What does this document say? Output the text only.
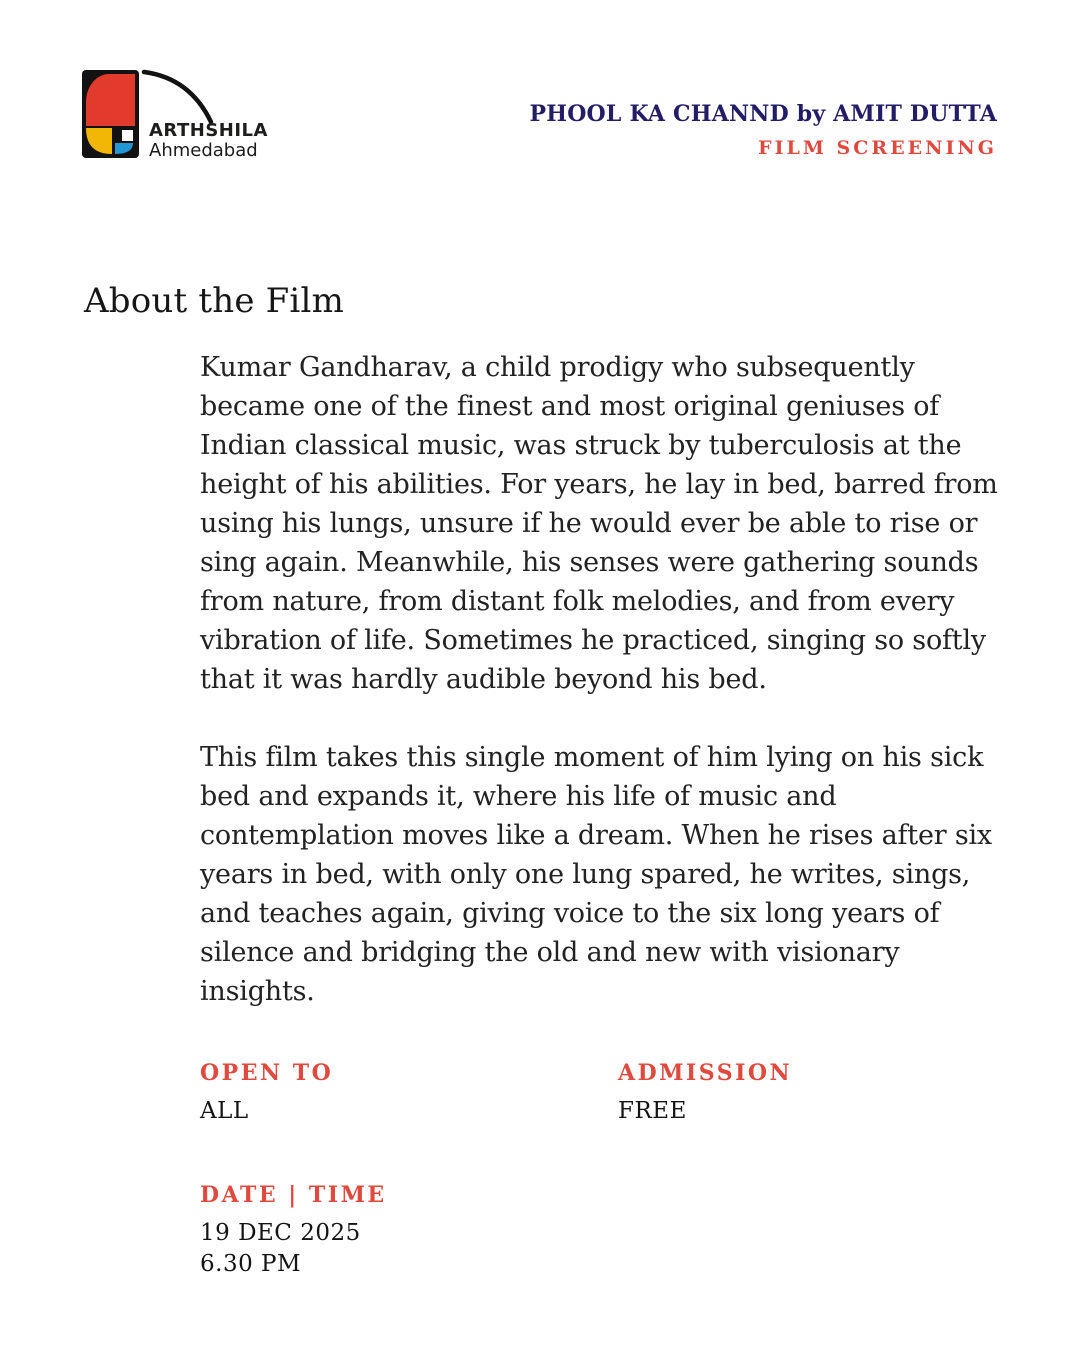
ARTHSHILA
Ahmedabad
PHOOL KA CHANND by AMIT DUTTA
FILM SCREENING
About the Film

Kumar Gandharav, a child prodigy who subsequently became one of the finest and most original geniuses of Indian classical music, was struck by tuberculosis at the height of his abilities. For years, he lay in bed, barred from using his lungs, unsure if he would ever be able to rise or sing again. Meanwhile, his senses were gathering sounds from nature, from distant folk melodies, and from every vibration of life. Sometimes he practiced, singing so softly that it was hardly audible beyond his bed.

This film takes this single moment of him lying on his sick bed and expands it, where his life of music and contemplation moves like a dream. When he rises after six years in bed, with only one lung spared, he writes, sings, and teaches again, giving voice to the six long years of silence and bridging the old and new with visionary insights.

OPEN TO
ALL
ADMISSION
FREE
DATE | TIME
19 DEC 2025
6.30 PM
